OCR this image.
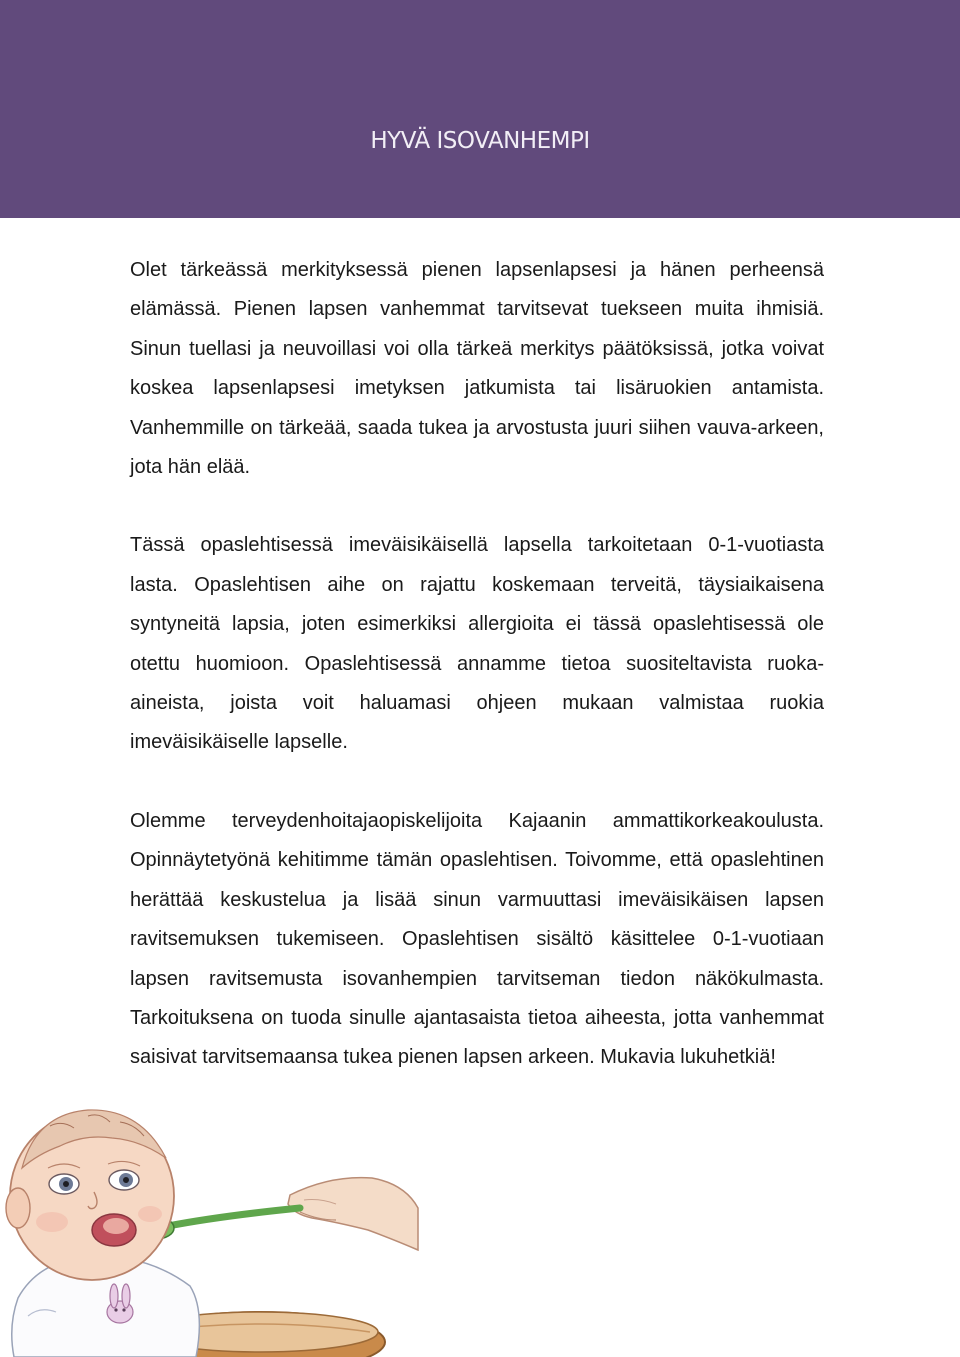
HYVÄ ISOVANHEMPI

Olet tärkeässä merkityksessä pienen lapsenlapsesi ja hänen perheensä elämässä. Pienen lapsen vanhemmat tarvitsevat tuekseen muita ihmisiä. Sinun tuellasi ja neuvoillasi voi olla tärkeä merkitys päätöksissä, jotka voivat koskea lapsenlapsesi imetyksen jatkumista tai lisäruokien antamista. Vanhemmille on tärkeää, saada tukea ja arvostusta juuri siihen vauva-arkeen, jota hän elää.

Tässä opaslehtisessä imeväisikäisellä lapsella tarkoitetaan 0-1-vuotiasta lasta. Opaslehtisen aihe on rajattu koskemaan terveitä, täysiaikaisena syntyneitä lapsia, joten esimerkiksi allergioita ei tässä opaslehtisessä ole otettu huomioon. Opaslehtisessä annamme tietoa suositeltavista ruoka-aineista, joista voit haluamasi ohjeen mukaan valmistaa ruokia imeväisikäiselle lapselle.

Olemme terveydenhoitajaopiskelijoita Kajaanin ammattikorkeakoulusta. Opinnäytetyönä kehitimme tämän opaslehtisen. Toivomme, että opaslehtinen herättää keskustelua ja lisää sinun varmuuttasi imeväisikäisen lapsen ravitsemuksen tukemiseen. Opaslehtisen sisältö käsittelee 0-1-vuotiaan lapsen ravitsemusta isovanhempien tarvitseman tiedon näkökulmasta. Tarkoituksena on tuoda sinulle ajantasaista tietoa aiheesta, jotta vanhemmat saisivat tarvitsemaansa tukea pienen lapsen arkeen. Mukavia lukuhetkiä!
